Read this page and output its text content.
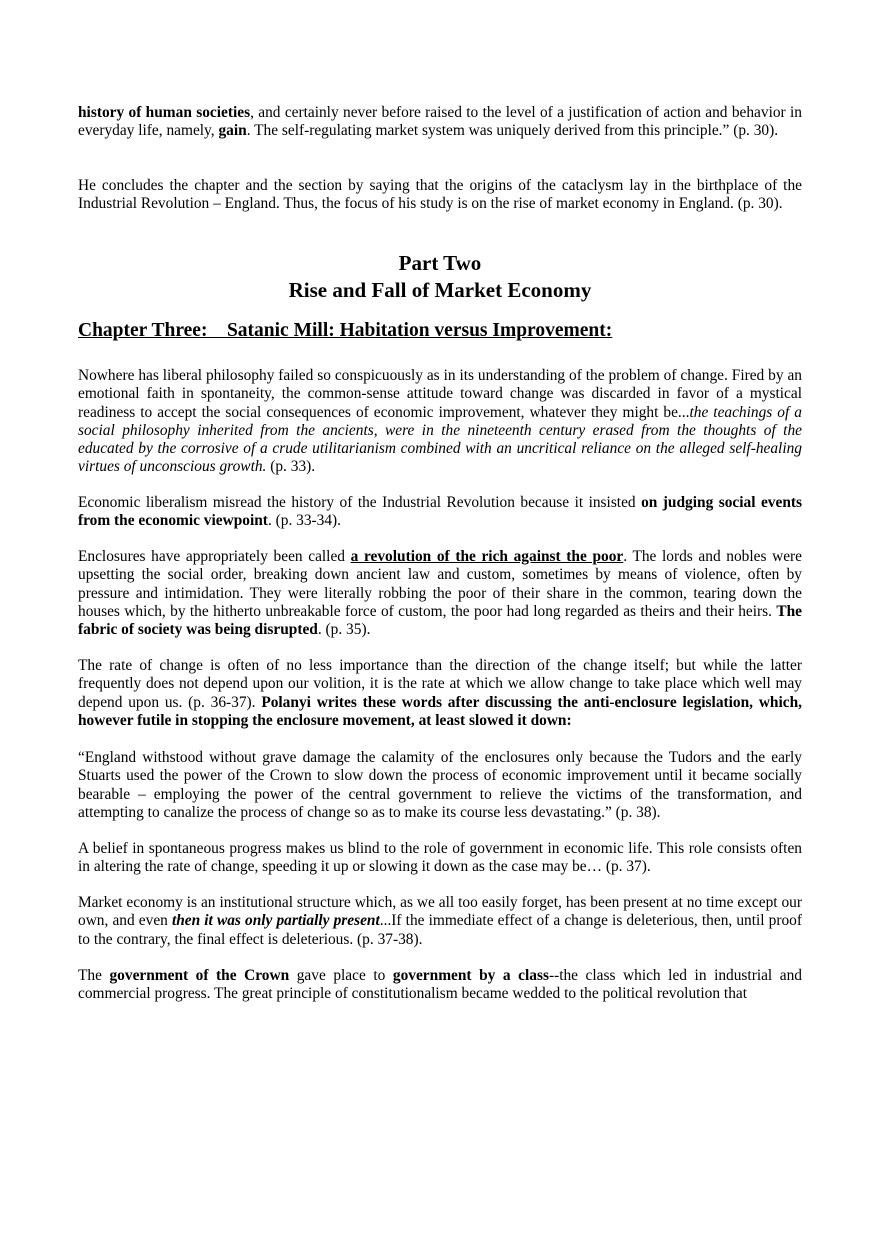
history of human societies, and certainly never before raised to the level of a justification of action and behavior in everyday life, namely, gain. The self-regulating market system was uniquely derived from this principle.” (p. 30).

He concludes the chapter and the section by saying that the origins of the cataclysm lay in the birthplace of the Industrial Revolution – England. Thus, the focus of his study is on the rise of market economy in England. (p. 30).

Part Two
Rise and Fall of Market Economy
Chapter Three:    Satanic Mill: Habitation versus Improvement:

Nowhere has liberal philosophy failed so conspicuously as in its understanding of the problem of change. Fired by an emotional faith in spontaneity, the common-sense attitude toward change was discarded in favor of a mystical readiness to accept the social consequences of economic improvement, whatever they might be...the teachings of a social philosophy inherited from the ancients, were in the nineteenth century erased from the thoughts of the educated by the corrosive of a crude utilitarianism combined with an uncritical reliance on the alleged self-healing virtues of unconscious growth. (p. 33).

Economic liberalism misread the history of the Industrial Revolution because it insisted on judging social events from the economic viewpoint. (p. 33-34).

Enclosures have appropriately been called a revolution of the rich against the poor. The lords and nobles were upsetting the social order, breaking down ancient law and custom, sometimes by means of violence, often by pressure and intimidation. They were literally robbing the poor of their share in the common, tearing down the houses which, by the hitherto unbreakable force of custom, the poor had long regarded as theirs and their heirs. The fabric of society was being disrupted. (p. 35).

The rate of change is often of no less importance than the direction of the change itself; but while the latter frequently does not depend upon our volition, it is the rate at which we allow change to take place which well may depend upon us. (p. 36-37). Polanyi writes these words after discussing the anti-enclosure legislation, which, however futile in stopping the enclosure movement, at least slowed it down:

“England withstood without grave damage the calamity of the enclosures only because the Tudors and the early Stuarts used the power of the Crown to slow down the process of economic improvement until it became socially bearable – employing the power of the central government to relieve the victims of the transformation, and attempting to canalize the process of change so as to make its course less devastating.” (p. 38).

A belief in spontaneous progress makes us blind to the role of government in economic life. This role consists often in altering the rate of change, speeding it up or slowing it down as the case may be… (p. 37).

Market economy is an institutional structure which, as we all too easily forget, has been present at no time except our own, and even then it was only partially present...If the immediate effect of a change is deleterious, then, until proof to the contrary, the final effect is deleterious. (p. 37-38).

The government of the Crown gave place to government by a class--the class which led in industrial and commercial progress. The great principle of constitutionalism became wedded to the political revolution that
